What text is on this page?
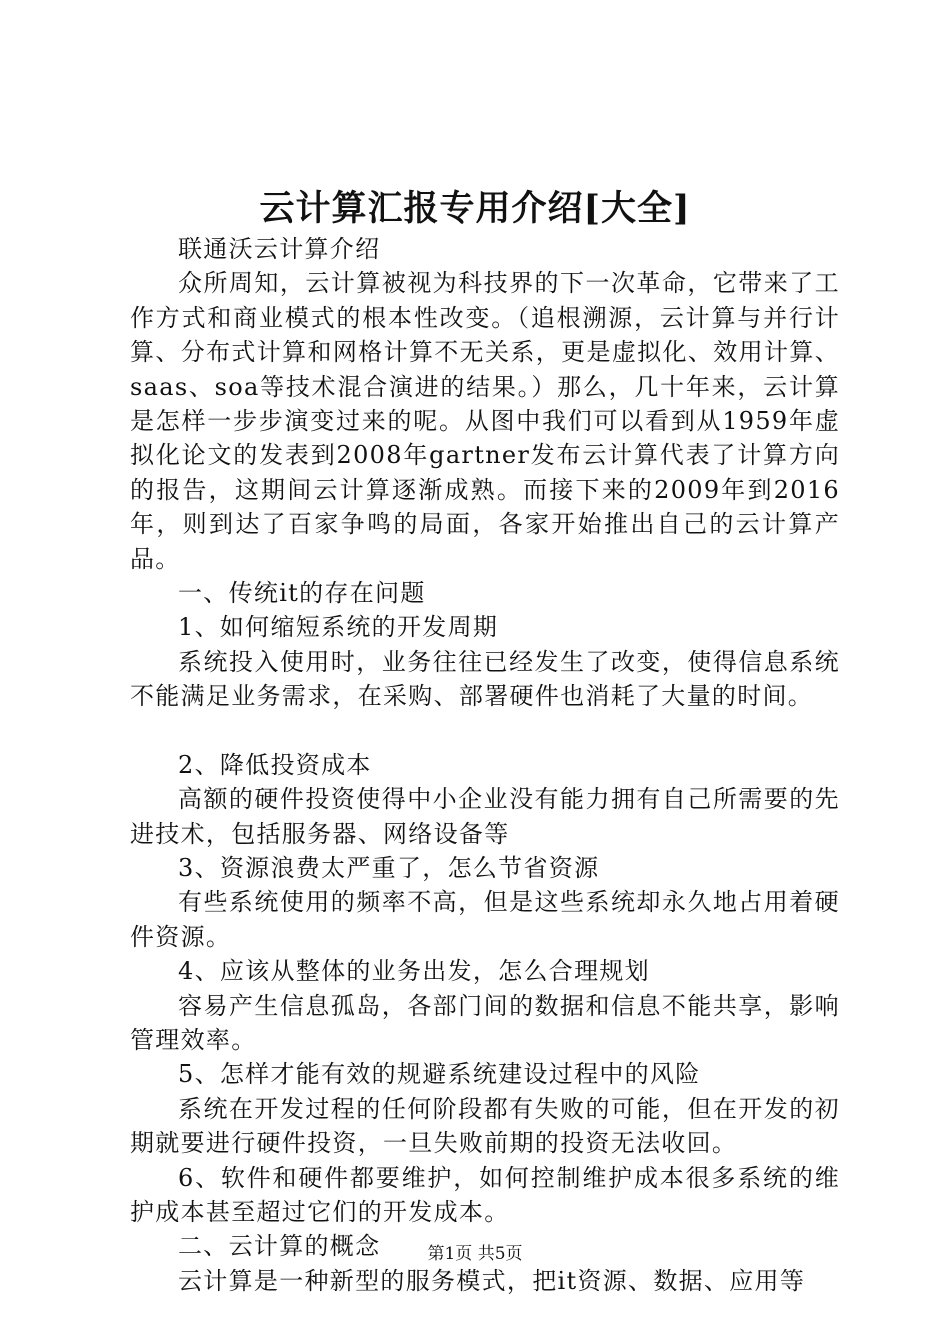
云计算汇报专用介绍[大全]

联通沃云计算介绍

众所周知，云计算被视为科技界的下一次革命，它带来了工作方式和商业模式的根本性改变。（追根溯源，云计算与并行计算、分布式计算和网格计算不无关系，更是虚拟化、效用计算、saas、soa等技术混合演进的结果。）那么，几十年来，云计算是怎样一步步演变过来的呢。从图中我们可以看到从1959年虚拟化论文的发表到2008年gartner发布云计算代表了计算方向的报告，这期间云计算逐渐成熟。而接下来的2009年到2016年，则到达了百家争鸣的局面，各家开始推出自己的云计算产品。

一、传统it的存在问题

1、如何缩短系统的开发周期

系统投入使用时，业务往往已经发生了改变，使得信息系统不能满足业务需求，在采购、部署硬件也消耗了大量的时间。

2、降低投资成本

高额的硬件投资使得中小企业没有能力拥有自己所需要的先进技术，包括服务器、网络设备等

3、资源浪费太严重了，怎么节省资源

有些系统使用的频率不高，但是这些系统却永久地占用着硬件资源。

4、应该从整体的业务出发，怎么合理规划

容易产生信息孤岛，各部门间的数据和信息不能共享，影响管理效率。

5、怎样才能有效的规避系统建设过程中的风险

系统在开发过程的任何阶段都有失败的可能，但在开发的初期就要进行硬件投资，一旦失败前期的投资无法收回。

6、软件和硬件都要维护，如何控制维护成本很多系统的维护成本甚至超过它们的开发成本。

二、云计算的概念

云计算是一种新型的服务模式，把it资源、数据、应用等

第1页 共5页
